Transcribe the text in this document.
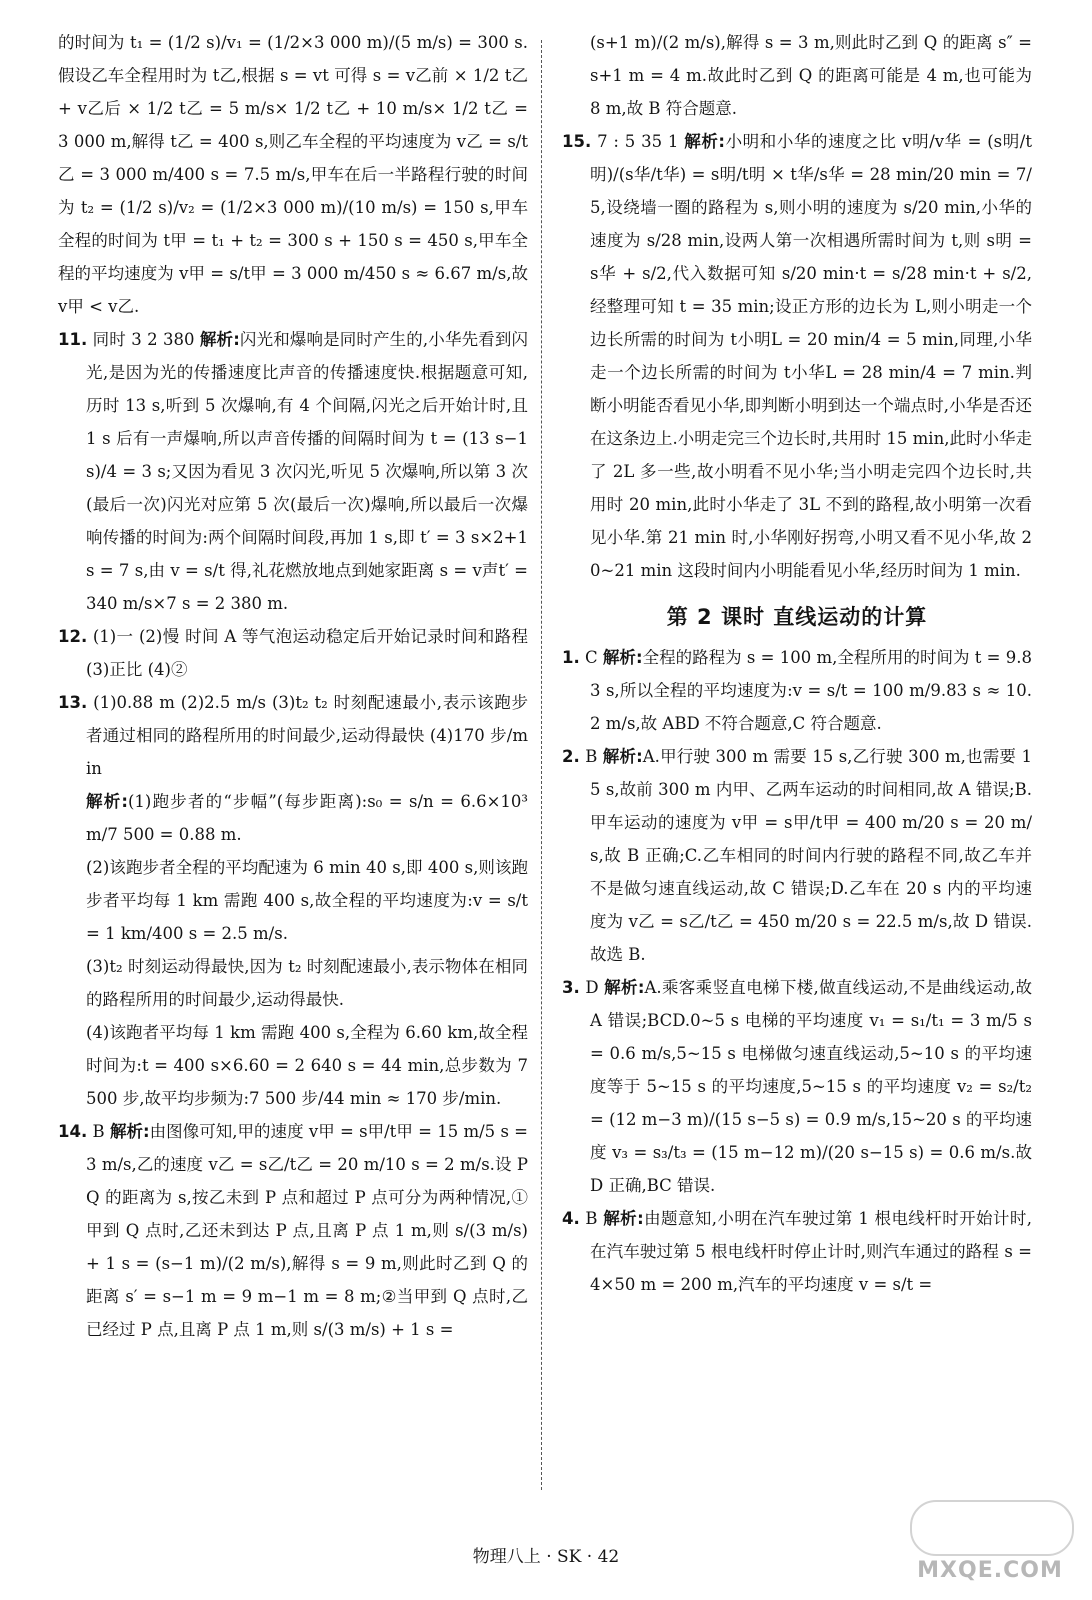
的时间为 t₁ = (1/2 s)/v₁ = (1/2×3 000 m)/(5 m/s) = 300 s.假设乙车全程用时为 t乙,根据 s = vt 可得 s = v乙前 × 1/2 t乙 + v乙后 × 1/2 t乙 = 5 m/s× 1/2 t乙 + 10 m/s× 1/2 t乙 = 3 000 m,解得 t乙 = 400 s,则乙车全程的平均速度为 v乙 = s/t乙 = 3 000 m/400 s = 7.5 m/s,甲车在后一半路程行驶的时间为 t₂ = (1/2 s)/v₂ = (1/2×3 000 m)/(10 m/s) = 150 s,甲车全程的时间为 t甲 = t₁ + t₂ = 300 s + 150 s = 450 s,甲车全程的平均速度为 v甲 = s/t甲 = 3 000 m/450 s ≈ 6.67 m/s,故 v甲 < v乙.

11. 同时 3 2 380 解析:闪光和爆响是同时产生的,小华先看到闪光,是因为光的传播速度比声音的传播速度快.根据题意可知,历时 13 s,听到 5 次爆响,有 4 个间隔,闪光之后开始计时,且 1 s 后有一声爆响,所以声音传播的间隔时间为 t = (13 s−1 s)/4 = 3 s;又因为看见 3 次闪光,听见 5 次爆响,所以第 3 次(最后一次)闪光对应第 5 次(最后一次)爆响,所以最后一次爆响传播的时间为:两个间隔时间段,再加 1 s,即 t′ = 3 s×2+1 s = 7 s,由 v = s/t 得,礼花燃放地点到她家距离 s = v声t′ = 340 m/s×7 s = 2 380 m.

12. (1)一 (2)慢 时间 A 等气泡运动稳定后开始记录时间和路程 (3)正比 (4)②

13. (1)0.88 m (2)2.5 m/s (3)t₂ t₂ 时刻配速最小,表示该跑步者通过相同的路程所用的时间最少,运动得最快 (4)170 步/min

解析:(1)跑步者的“步幅”(每步距离):s₀ = s/n = 6.6×10³ m/7 500 = 0.88 m.

(2)该跑步者全程的平均配速为 6 min 40 s,即 400 s,则该跑步者平均每 1 km 需跑 400 s,故全程的平均速度为:v = s/t = 1 km/400 s = 2.5 m/s.

(3)t₂ 时刻运动得最快,因为 t₂ 时刻配速最小,表示物体在相同的路程所用的时间最少,运动得最快.

(4)该跑者平均每 1 km 需跑 400 s,全程为 6.60 km,故全程时间为:t = 400 s×6.60 = 2 640 s = 44 min,总步数为 7 500 步,故平均步频为:7 500 步/44 min ≈ 170 步/min.

14. B 解析:由图像可知,甲的速度 v甲 = s甲/t甲 = 15 m/5 s = 3 m/s,乙的速度 v乙 = s乙/t乙 = 20 m/10 s = 2 m/s.设 PQ 的距离为 s,按乙未到 P 点和超过 P 点可分为两种情况,①甲到 Q 点时,乙还未到达 P 点,且离 P 点 1 m,则 s/(3 m/s) + 1 s = (s−1 m)/(2 m/s),解得 s = 9 m,则此时乙到 Q 的距离 s′ = s−1 m = 9 m−1 m = 8 m;②当甲到 Q 点时,乙已经过 P 点,且离 P 点 1 m,则 s/(3 m/s) + 1 s =

(s+1 m)/(2 m/s),解得 s = 3 m,则此时乙到 Q 的距离 s″ = s+1 m = 4 m.故此时乙到 Q 的距离可能是 4 m,也可能为 8 m,故 B 符合题意.

15. 7 : 5 35 1 解析:小明和小华的速度之比 v明/v华 = (s明/t明)/(s华/t华) = s明/t明 × t华/s华 = 28 min/20 min = 7/5,设绕墙一圈的路程为 s,则小明的速度为 s/20 min,小华的速度为 s/28 min,设两人第一次相遇所需时间为 t,则 s明 = s华 + s/2,代入数据可知 s/20 min·t = s/28 min·t + s/2,经整理可知 t = 35 min;设正方形的边长为 L,则小明走一个边长所需的时间为 t小明L = 20 min/4 = 5 min,同理,小华走一个边长所需的时间为 t小华L = 28 min/4 = 7 min.判断小明能否看见小华,即判断小明到达一个端点时,小华是否还在这条边上.小明走完三个边长时,共用时 15 min,此时小华走了 2L 多一些,故小明看不见小华;当小明走完四个边长时,共用时 20 min,此时小华走了 3L 不到的路程,故小明第一次看见小华.第 21 min 时,小华刚好拐弯,小明又看不见小华,故 20~21 min 这段时间内小明能看见小华,经历时间为 1 min.

第 2 课时 直线运动的计算

1. C 解析:全程的路程为 s = 100 m,全程所用的时间为 t = 9.83 s,所以全程的平均速度为:v = s/t = 100 m/9.83 s ≈ 10.2 m/s,故 ABD 不符合题意,C 符合题意.

2. B 解析:A.甲行驶 300 m 需要 15 s,乙行驶 300 m,也需要 15 s,故前 300 m 内甲、乙两车运动的时间相同,故 A 错误;B.甲车运动的速度为 v甲 = s甲/t甲 = 400 m/20 s = 20 m/s,故 B 正确;C.乙车相同的时间内行驶的路程不同,故乙车并不是做匀速直线运动,故 C 错误;D.乙车在 20 s 内的平均速度为 v乙 = s乙/t乙 = 450 m/20 s = 22.5 m/s,故 D 错误.故选 B.

3. D 解析:A.乘客乘竖直电梯下楼,做直线运动,不是曲线运动,故 A 错误;BCD.0~5 s 电梯的平均速度 v₁ = s₁/t₁ = 3 m/5 s = 0.6 m/s,5~15 s 电梯做匀速直线运动,5~10 s 的平均速度等于 5~15 s 的平均速度,5~15 s 的平均速度 v₂ = s₂/t₂ = (12 m−3 m)/(15 s−5 s) = 0.9 m/s,15~20 s 的平均速度 v₃ = s₃/t₃ = (15 m−12 m)/(20 s−15 s) = 0.6 m/s.故 D 正确,BC 错误.

4. B 解析:由题意知,小明在汽车驶过第 1 根电线杆时开始计时,在汽车驶过第 5 根电线杆时停止计时,则汽车通过的路程 s = 4×50 m = 200 m,汽车的平均速度 v = s/t =

物理八上 · SK · 42
MXQE.COM
